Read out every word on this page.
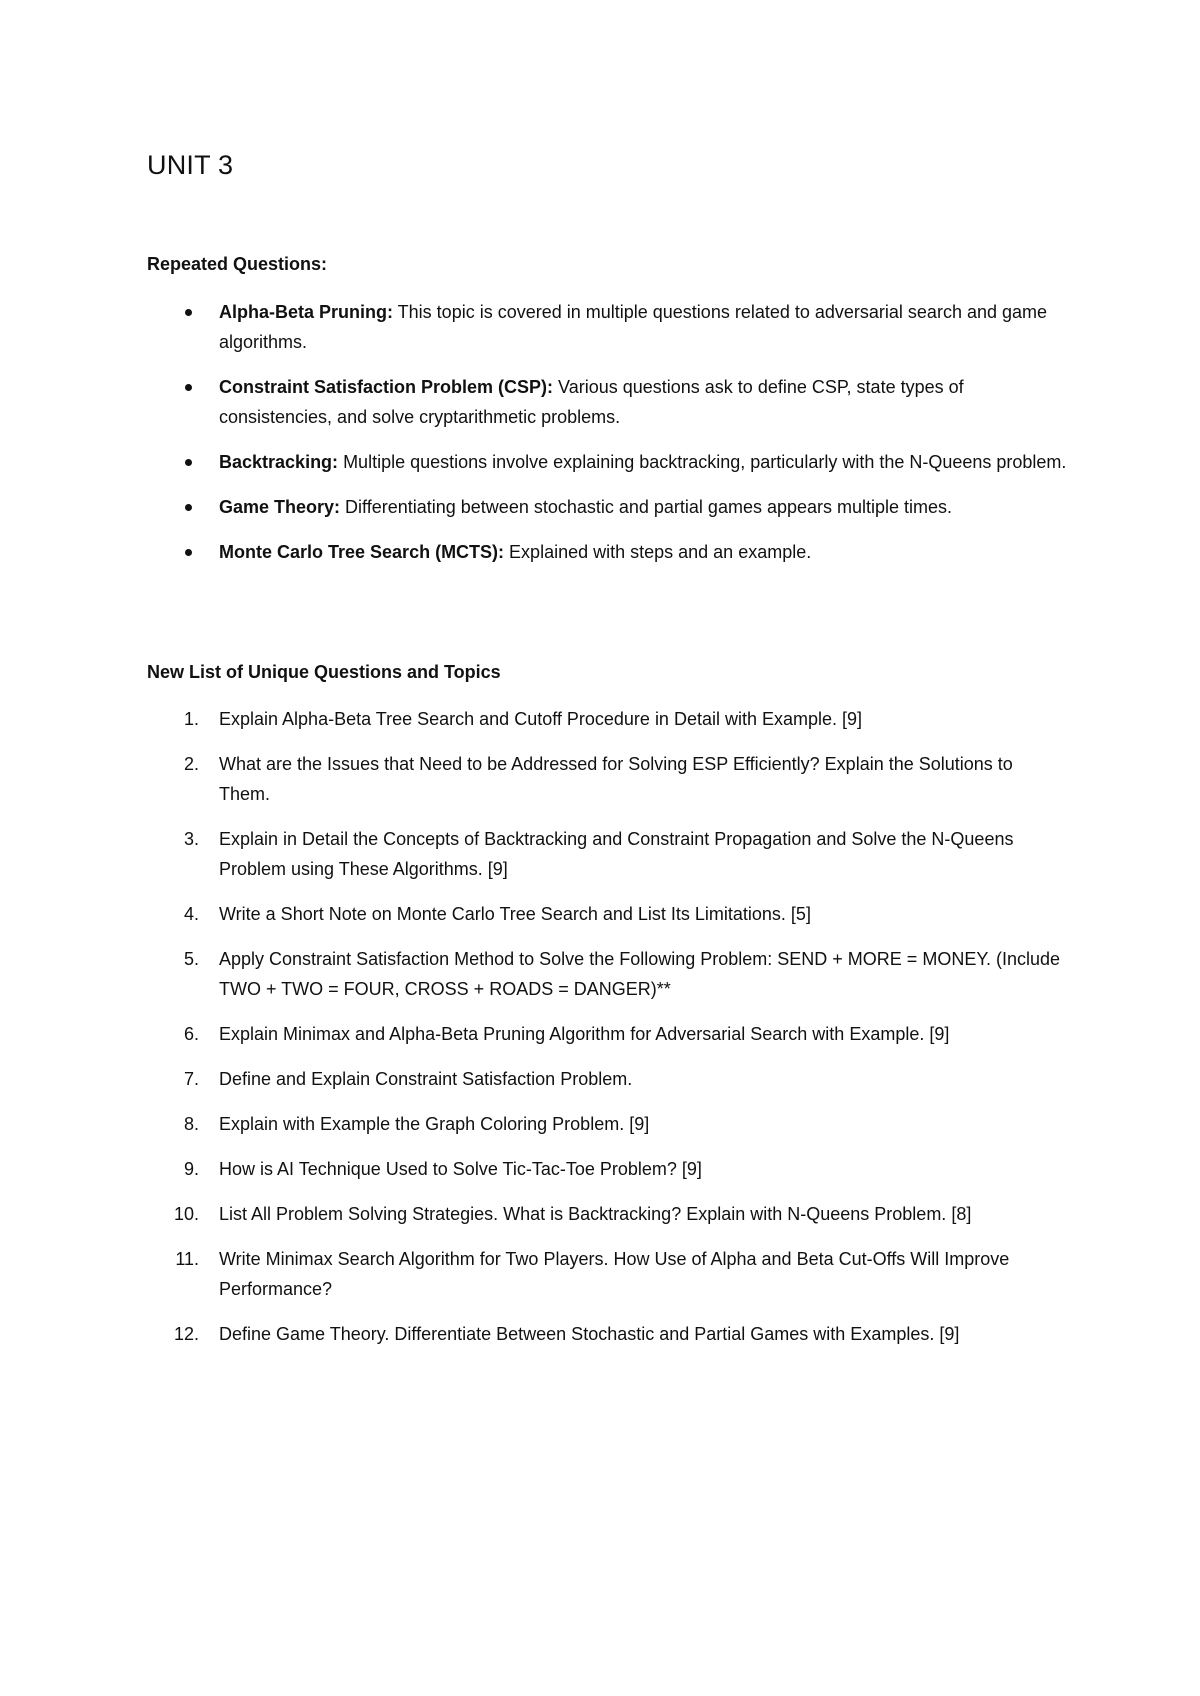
UNIT 3
Repeated Questions:
Alpha-Beta Pruning: This topic is covered in multiple questions related to adversarial search and game algorithms.
Constraint Satisfaction Problem (CSP): Various questions ask to define CSP, state types of consistencies, and solve cryptarithmetic problems.
Backtracking: Multiple questions involve explaining backtracking, particularly with the N-Queens problem.
Game Theory: Differentiating between stochastic and partial games appears multiple times.
Monte Carlo Tree Search (MCTS): Explained with steps and an example.
New List of Unique Questions and Topics
1. Explain Alpha-Beta Tree Search and Cutoff Procedure in Detail with Example. [9]
2. What are the Issues that Need to be Addressed for Solving ESP Efficiently? Explain the Solutions to Them.
3. Explain in Detail the Concepts of Backtracking and Constraint Propagation and Solve the N-Queens Problem using These Algorithms. [9]
4. Write a Short Note on Monte Carlo Tree Search and List Its Limitations. [5]
5. Apply Constraint Satisfaction Method to Solve the Following Problem: SEND + MORE = MONEY. (Include TWO + TWO = FOUR, CROSS + ROADS = DANGER)**
6. Explain Minimax and Alpha-Beta Pruning Algorithm for Adversarial Search with Example. [9]
7. Define and Explain Constraint Satisfaction Problem.
8. Explain with Example the Graph Coloring Problem. [9]
9. How is AI Technique Used to Solve Tic-Tac-Toe Problem? [9]
10. List All Problem Solving Strategies. What is Backtracking? Explain with N-Queens Problem. [8]
11. Write Minimax Search Algorithm for Two Players. How Use of Alpha and Beta Cut-Offs Will Improve Performance?
12. Define Game Theory. Differentiate Between Stochastic and Partial Games with Examples. [9]
